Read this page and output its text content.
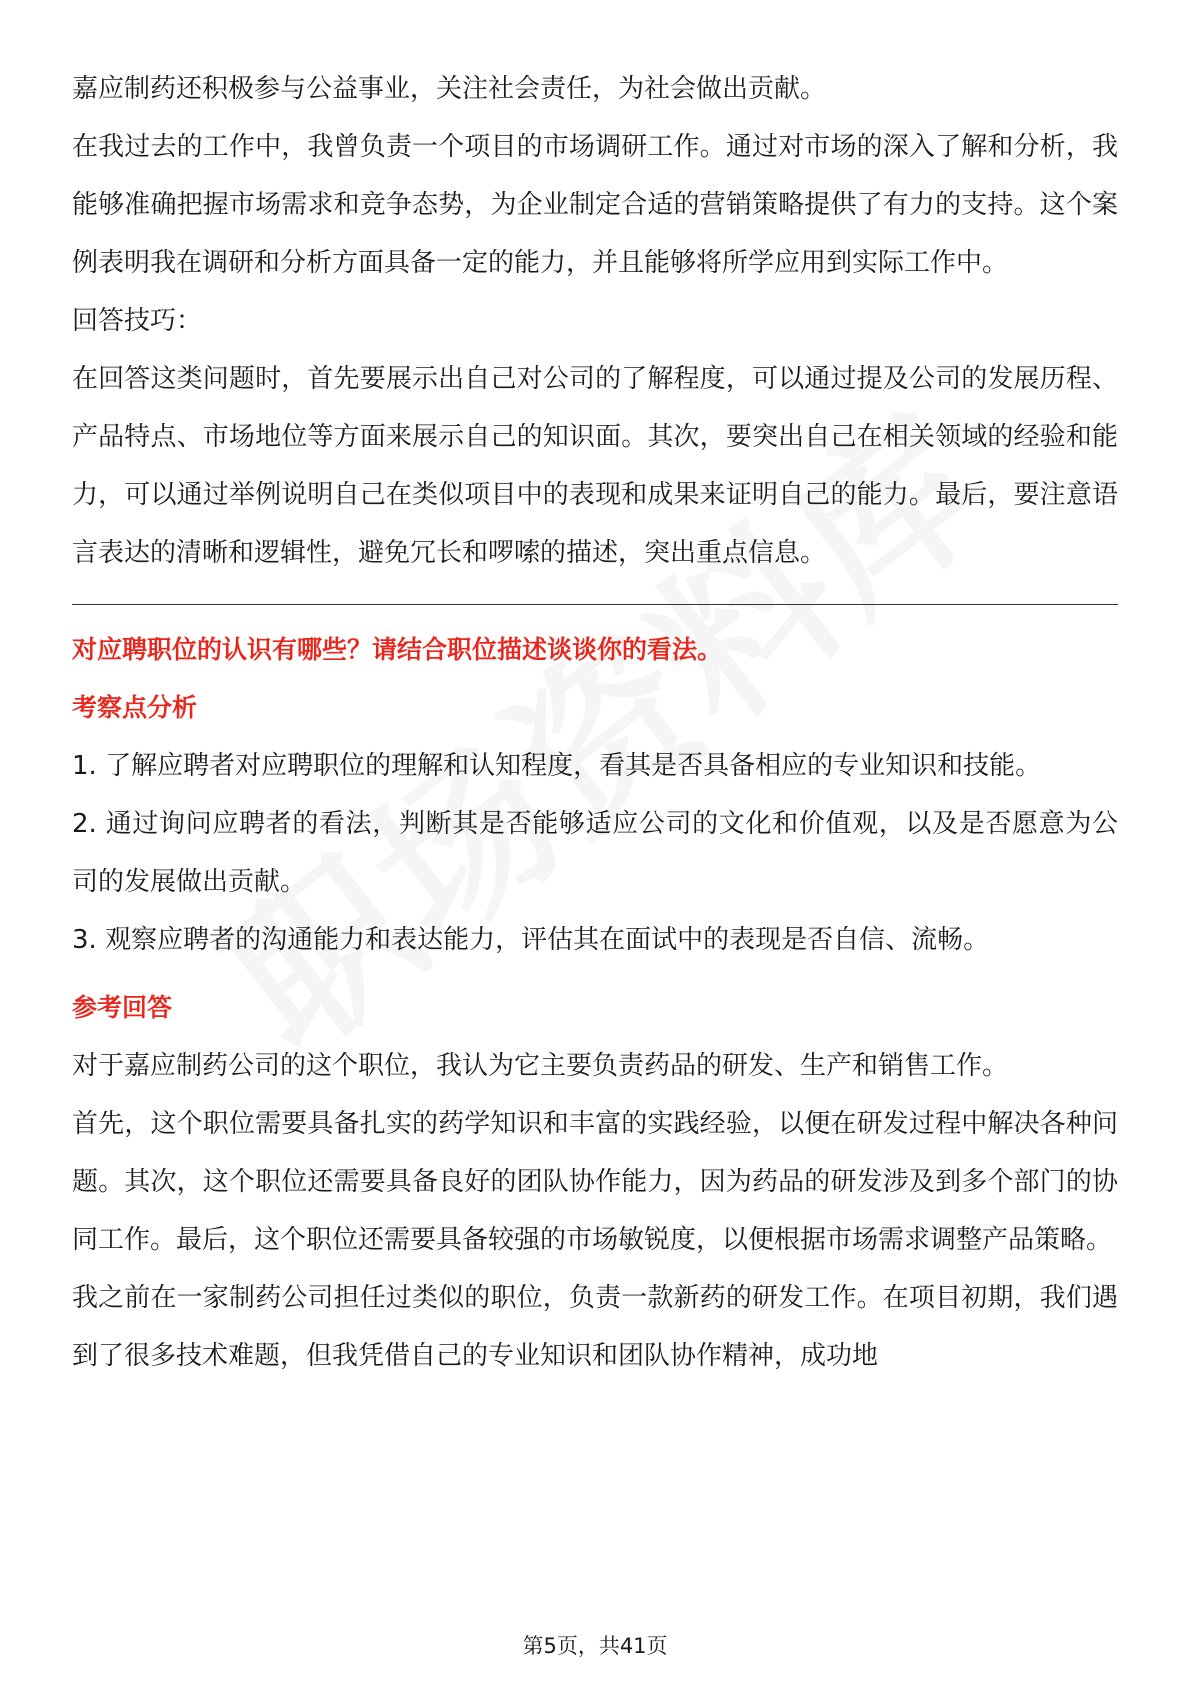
嘉应制药还积极参与公益事业，关注社会责任，为社会做出贡献。

在我过去的工作中，我曾负责一个项目的市场调研工作。通过对市场的深入了解和分析，我能够准确把握市场需求和竞争态势，为企业制定合适的营销策略提供了有力的支持。这个案例表明我在调研和分析方面具备一定的能力，并且能够将所学应用到实际工作中。

回答技巧：

在回答这类问题时，首先要展示出自己对公司的了解程度，可以通过提及公司的发展历程、产品特点、市场地位等方面来展示自己的知识面。其次，要突出自己在相关领域的经验和能力，可以通过举例说明自己在类似项目中的表现和成果来证明自己的能力。最后，要注意语言表达的清晰和逻辑性，避免冗长和啰嗦的描述，突出重点信息。

对应聘职位的认识有哪些？请结合职位描述谈谈你的看法。

考察点分析

1. 了解应聘者对应聘职位的理解和认知程度，看其是否具备相应的专业知识和技能。

2. 通过询问应聘者的看法，判断其是否能够适应公司的文化和价值观，以及是否愿意为公司的发展做出贡献。

3. 观察应聘者的沟通能力和表达能力，评估其在面试中的表现是否自信、流畅。

参考回答

对于嘉应制药公司的这个职位，我认为它主要负责药品的研发、生产和销售工作。

首先，这个职位需要具备扎实的药学知识和丰富的实践经验，以便在研发过程中解决各种问题。其次，这个职位还需要具备良好的团队协作能力，因为药品的研发涉及到多个部门的协同工作。最后，这个职位还需要具备较强的市场敏锐度，以便根据市场需求调整产品策略。

我之前在一家制药公司担任过类似的职位，负责一款新药的研发工作。在项目初期，我们遇到了很多技术难题，但我凭借自己的专业知识和团队协作精神，成功地

第5页，共41页
